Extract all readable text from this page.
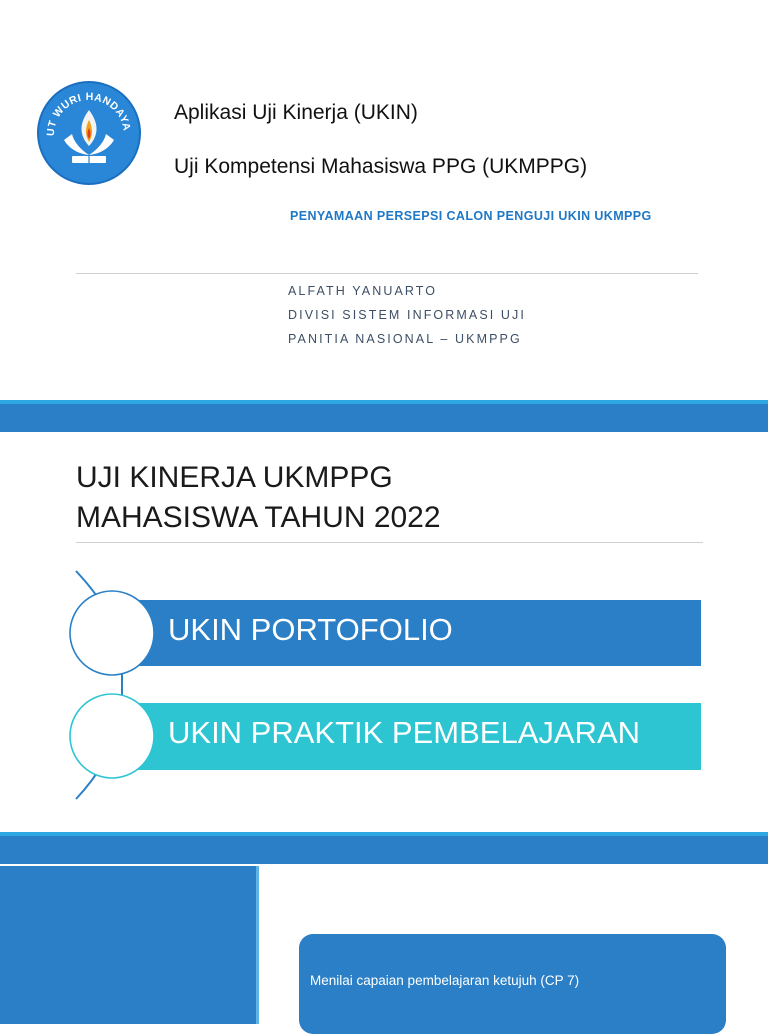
UT WURI HANDAYA
Aplikasi Uji Kinerja (UKIN)
Uji Kompetensi Mahasiswa PPG (UKMPPG)
PENYAMAAN PERSEPSI CALON PENGUJI UKIN UKMPPG
ALFATH YANUARTO
DIVISI SISTEM INFORMASI UJI
PANITIA NASIONAL – UKMPPG
UJI KINERJA UKMPPG
MAHASISWA TAHUN 2022
UKIN PORTOFOLIO
UKIN PRAKTIK PEMBELAJARAN
Menilai capaian pembelajaran ketujuh (CP 7)
